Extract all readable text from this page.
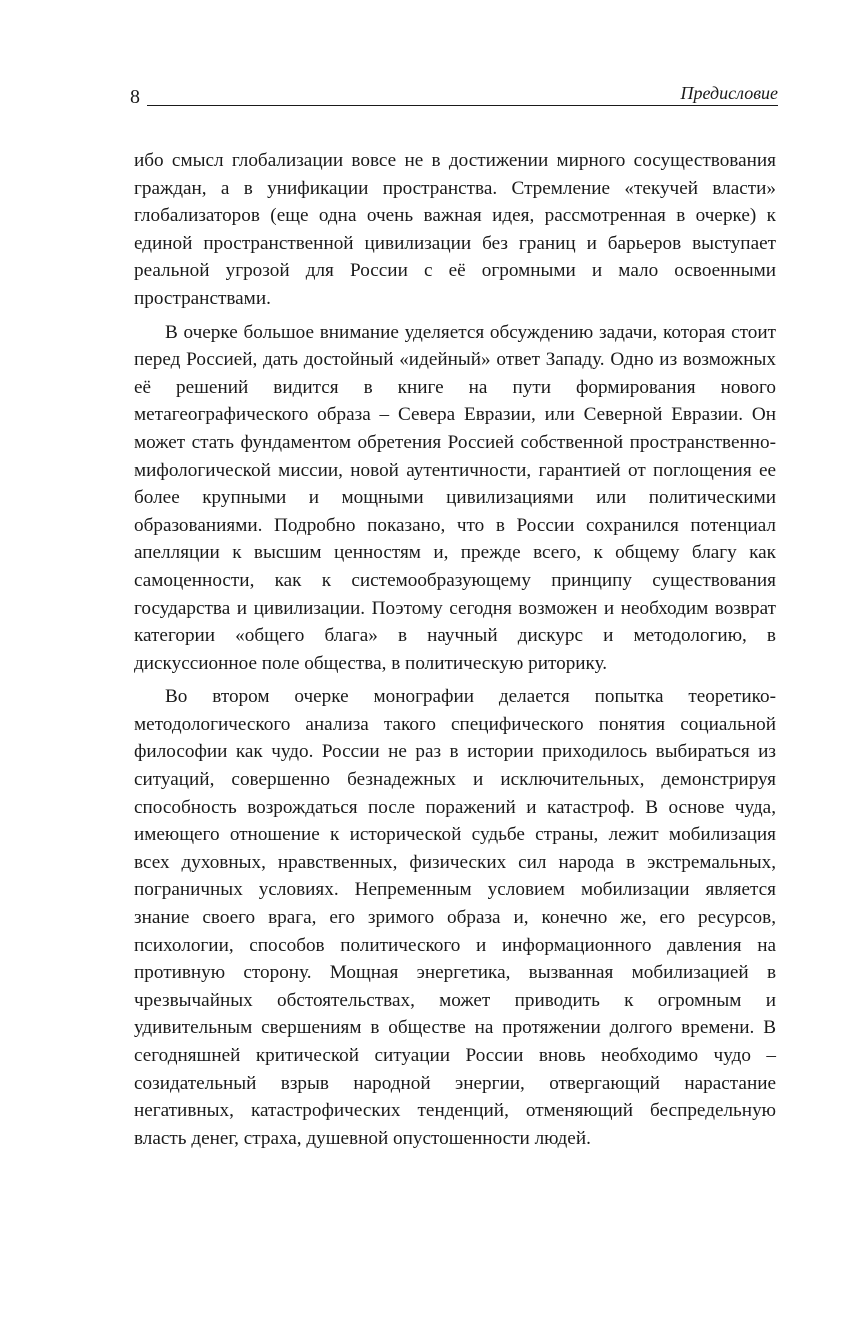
8	Предисловие

ибо смысл глобализации вовсе не в достижении мирного сосуществования граждан, а в унификации пространства. Стремление «текучей власти» глобализаторов (еще одна очень важная идея, рассмотренная в очерке) к единой пространственной цивилизации без границ и барьеров выступает реальной угрозой для России с её огромными и мало освоенными пространствами.

В очерке большое внимание уделяется обсуждению задачи, которая стоит перед Россией, дать достойный «идейный» ответ Западу. Одно из возможных её решений видится в книге на пути формирования нового метагеографического образа – Севера Евразии, или Северной Евразии. Он может стать фундаментом обретения Россией собственной пространственно-мифологической миссии, новой аутентичности, гарантией от поглощения ее более крупными и мощными цивилизациями или политическими образованиями. Подробно показано, что в России сохранился потенциал апелляции к высшим ценностям и, прежде всего, к общему благу как самоценности, как к системообразующему принципу существования государства и цивилизации. Поэтому сегодня возможен и необходим возврат категории «общего блага» в научный дискурс и методологию, в дискуссионное поле общества, в политическую риторику.

Во втором очерке монографии делается попытка теоретико-методологического анализа такого специфического понятия социальной философии как чудо. России не раз в истории приходилось выбираться из ситуаций, совершенно безнадежных и исключительных, демонстрируя способность возрождаться после поражений и катастроф. В основе чуда, имеющего отношение к исторической судьбе страны, лежит мобилизация всех духовных, нравственных, физических сил народа в экстремальных, пограничных условиях. Непременным условием мобилизации является знание своего врага, его зримого образа и, конечно же, его ресурсов, психологии, способов политического и информационного давления на противную сторону. Мощная энергетика, вызванная мобилизацией в чрезвычайных обстоятельствах, может приводить к огромным и удивительным свершениям в обществе на протяжении долгого времени. В сегодняшней критической ситуации России вновь необходимо чудо – созидательный взрыв народной энергии, отвергающий нарастание негативных, катастрофических тенденций, отменяющий беспредельную власть денег, страха, душевной опустошенности людей.
